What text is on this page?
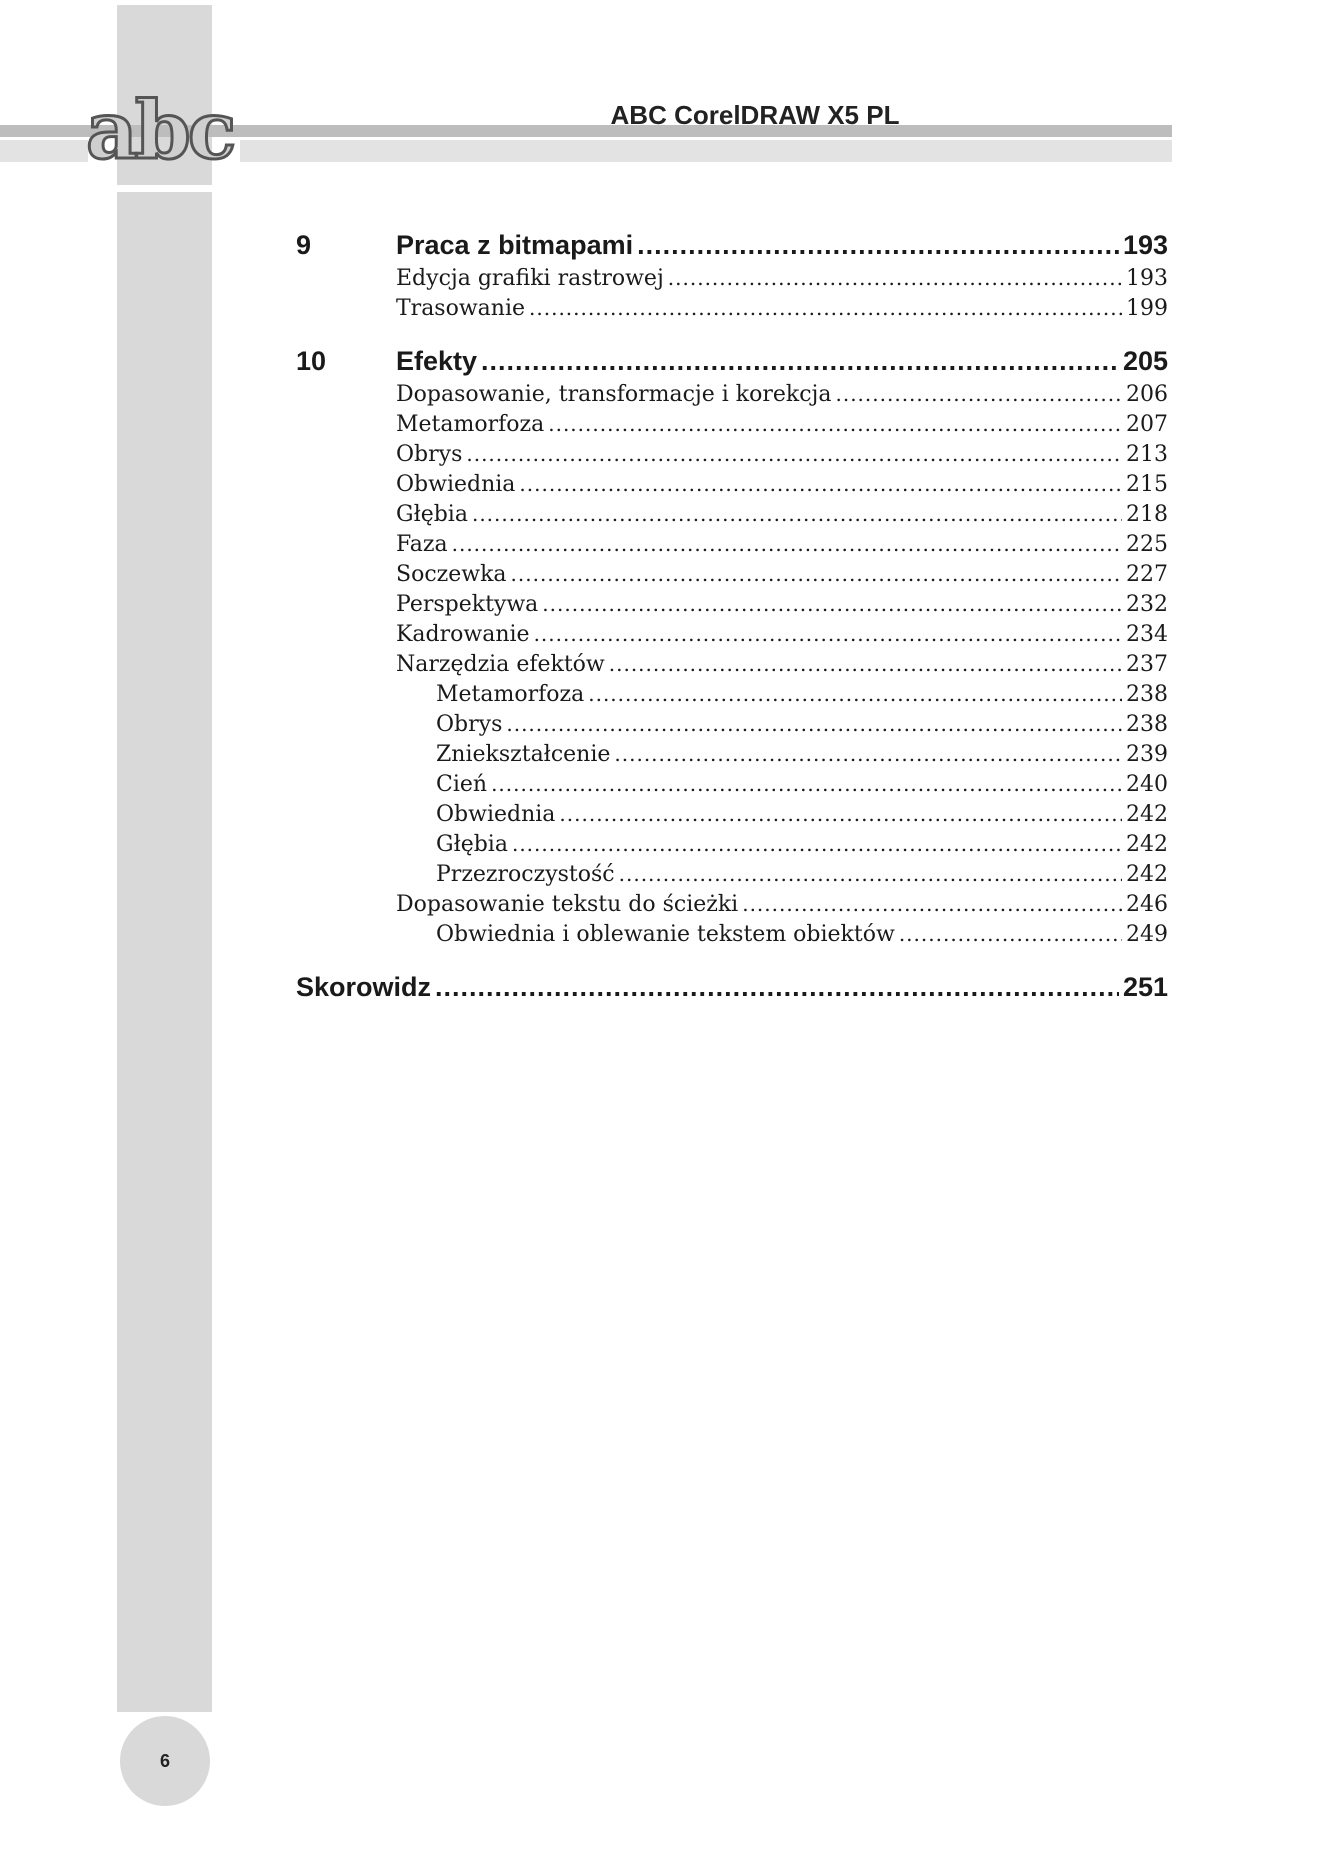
abc	ABC CorelDRAW X5 PL
9	Praca z bitmapami .....	193
Edycja grafiki rastrowej .....	193
Trasowanie .....	199
10	Efekty .....	205
Dopasowanie, transformacje i korekcja .....	206
Metamorfoza .....	207
Obrys .....	213
Obwiednia .....	215
Głębia .....	218
Faza .....	225
Soczewka .....	227
Perspektywa .....	232
Kadrowanie .....	234
Narzędzia efektów .....	237
Metamorfoza .....	238
Obrys .....	238
Zniekształcenie .....	239
Cień .....	240
Obwiednia .....	242
Głębia .....	242
Przezroczystość .....	242
Dopasowanie tekstu do ścieżki .....	246
Obwiednia i oblewanie tekstem obiektów .....	249
Skorowidz .....	251
6
